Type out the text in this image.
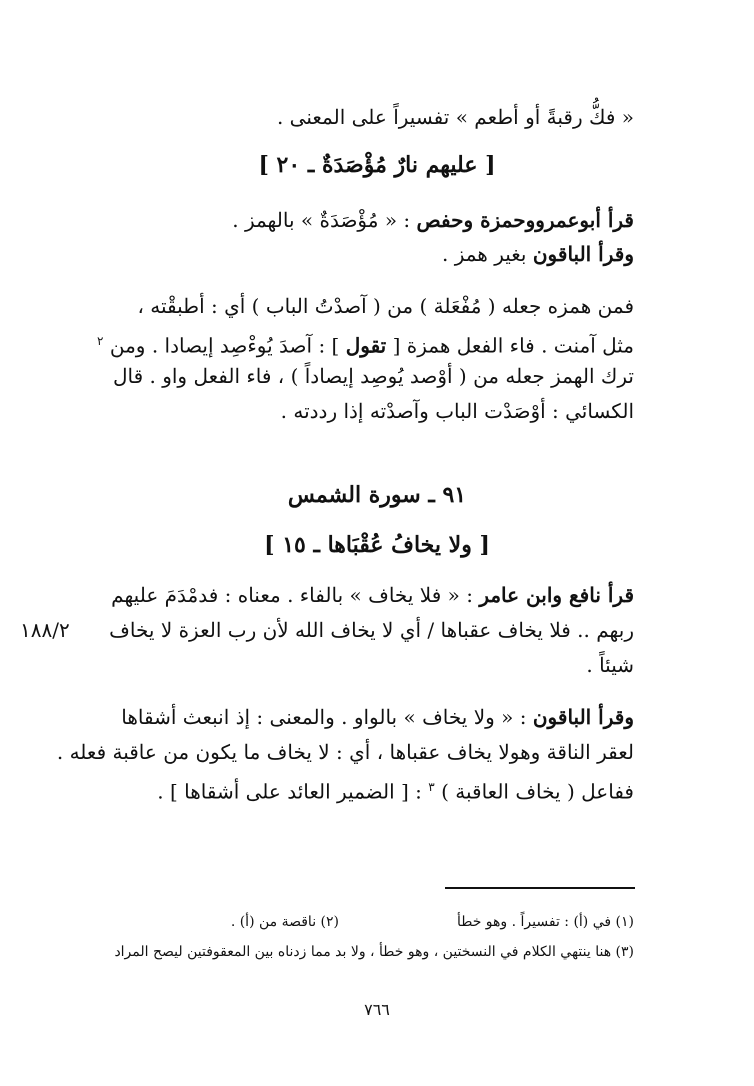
« فكُّ رقبةً أو أطعم » تفسيراً على المعنى .
[ عليهم نارٌ مُؤْصَدَةٌ ـ ٢٠ ]
قرأ أبوعمرووحمزة وحفص : « مُؤْصَدَةٌ » بالهمز .
وقرأ الباقون بغير همز .
فمن همزه جعله ( مُفْعَلة ) من ( آصدْتُ الباب ) أي : أطبقْته ،
مثل آمنت . فاء الفعل همزة [ تقول ] : آصدَ يُوءْصِد إيصادا . ومن $^٢$
ترك الهمز جعله من ( أوْصد يُوصِد إيصاداً ) ، فاء الفعل واو . قال
الكسائي : أوْصَدْت الباب وآصدْته إذا رددته .
٩١ ـ سورة الشمس
[ ولا يخافُ عُقْبَاها ـ ١٥ ]
قرأ نافع وابن عامر : « فلا يخاف » بالفاء . معناه : فدمْدَمَ عليهم
ربهم .. فلا يخاف عقباها / أي لا يخاف الله لأن رب العزة لا يخاف
١٨٨/٢
شيئاً .
وقرأ الباقون : « ولا يخاف » بالواو . والمعنى : إذ انبعث أشقاها
لعقر الناقة وهولا يخاف عقباها ، أي : لا يخاف ما يكون من عاقبة فعله .
ففاعل ( يخاف العاقبة ) $^٣$ : [ الضمير العائد على أشقاها ] .
(١) في (أ) : تفسيراً . وهو خطأ
(٢) ناقصة من (أ) .
(٣) هنا ينتهي الكلام في النسختين ، وهو خطأ ، ولا بد مما زدناه بين المعقوفتين ليصح المراد
٧٦٦
